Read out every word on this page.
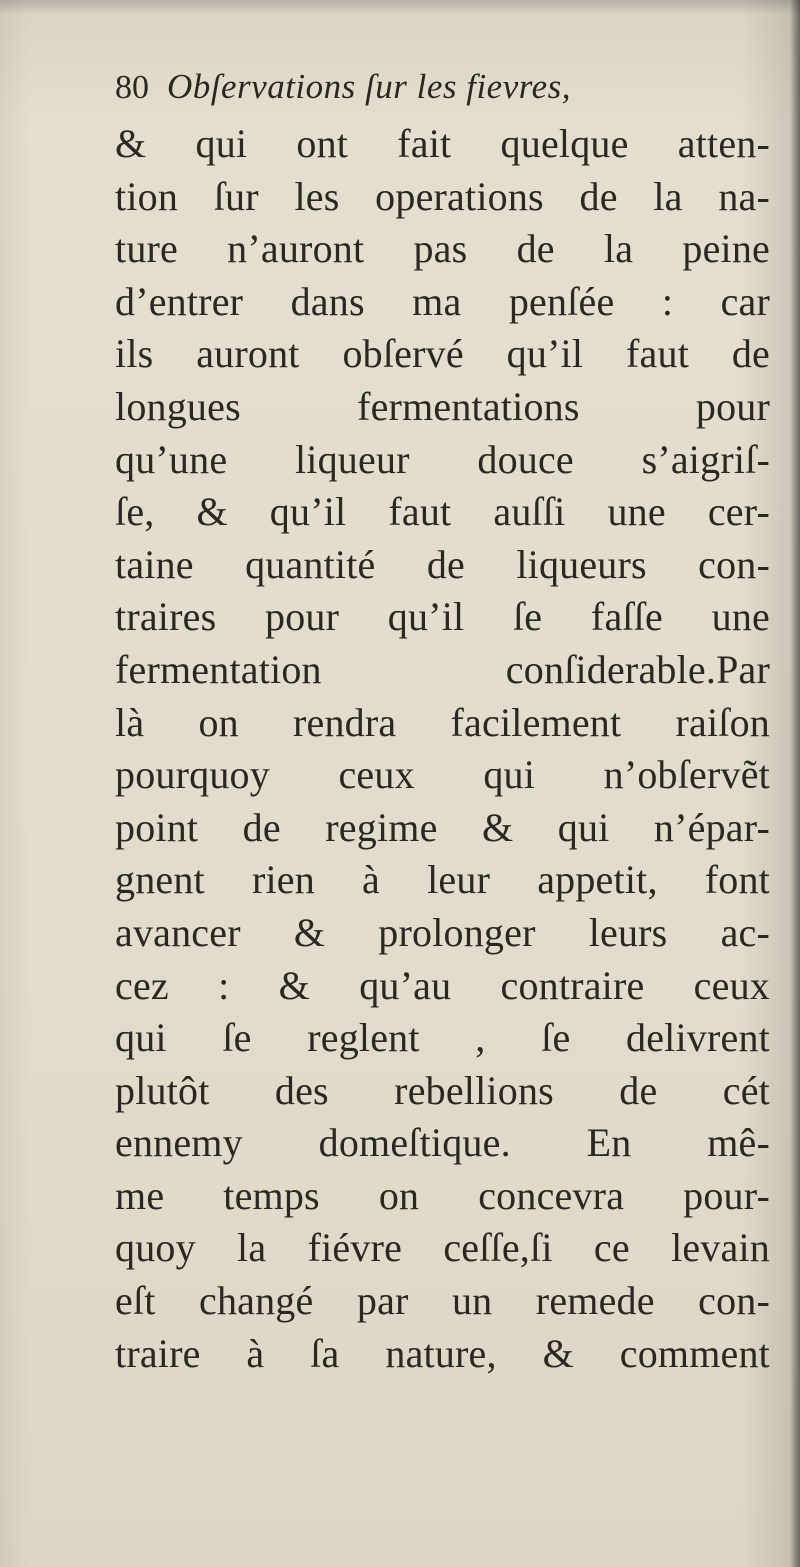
80 Obſervations ſur les fievres,
& qui ont fait quelque atten-
tion ſur les operations de la na-
ture n’auront pas de la peine
d’entrer dans ma penſée : car
ils auront obſervé qu’il faut de
longues fermentations pour
qu’une liqueur douce s’aigriſ-
ſe, & qu’il faut auſſi une cer-
taine quantité de liqueurs con-
traires pour qu’il ſe faſſe une
fermentation conſiderable.Par
là on rendra facilement raiſon
pourquoy ceux qui n’obſervẽt
point de regime & qui n’épar-
gnent rien à leur appetit, font
avancer & prolonger leurs ac-
cez : & qu’au contraire ceux
qui ſe reglent , ſe delivrent
plutôt des rebellions de cét
ennemy domeſtique. En mê-
me temps on concevra pour-
quoy la fiévre ceſſe,ſi ce levain
eſt changé par un remede con-
traire à ſa nature, & comment
